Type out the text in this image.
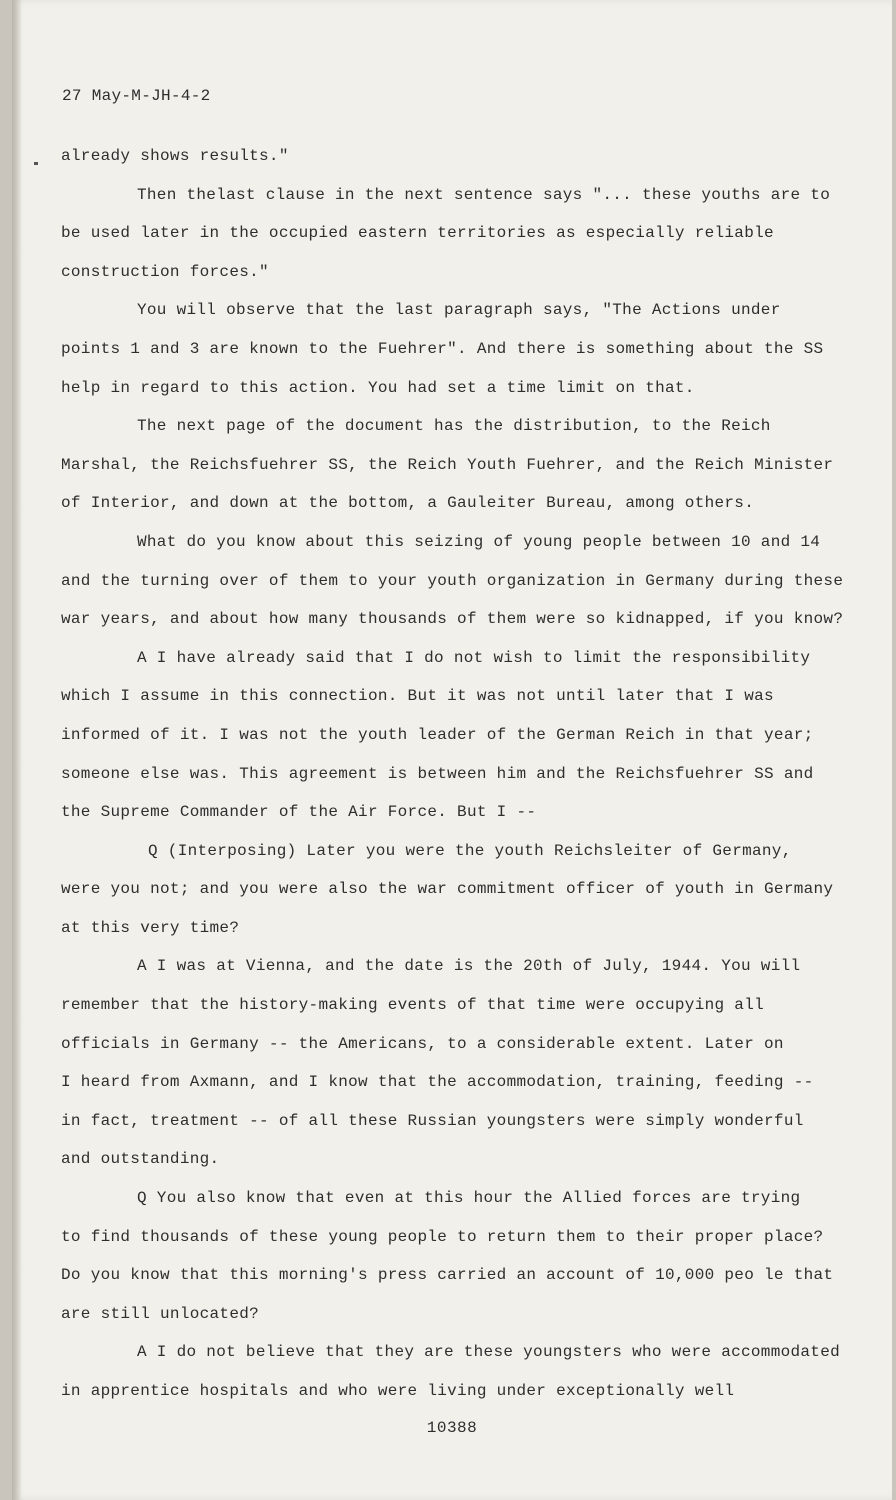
27 May-M-JH-4-2
already shows results."
Then thelast clause in the next sentence says "... these youths are to
be used later in the occupied eastern territories as especially reliable
construction forces."
You will observe that the last paragraph says, "The Actions under
points 1 and 3 are known to the Fuehrer". And there is something about the SS
help in regard to this action. You had set a time limit on that.
The next page of the document has the distribution, to the Reich
Marshal, the Reichsfuehrer SS, the Reich Youth Fuehrer, and the Reich Minister
of Interior, and down at the bottom, a Gauleiter Bureau, among others.
What do you know about this seizing of young people between 10 and 14
and the turning over of them to your youth organization in Germany during these
war years, and about how many thousands of them were so kidnapped, if you know?
A I have already said that I do not wish to limit the responsibility
which I assume in this connection. But it was not until later that I was
informed of it. I was not the youth leader of the German Reich in that year;
someone else was. This agreement is between him and the Reichsfuehrer SS and
the Supreme Commander of the Air Force. But I --
Q (Interposing) Later you were the youth Reichsleiter of Germany,
were you not; and you were also the war commitment officer of youth in Germany
at this very time?
A I was at Vienna, and the date is the 20th of July, 1944. You will
remember that the history-making events of that time were occupying all
officials in Germany -- the Americans, to a considerable extent. Later on
I heard from Axmann, and I know that the accommodation, training, feeding --
in fact, treatment -- of all these Russian youngsters were simply wonderful
and outstanding.
Q You also know that even at this hour the Allied forces are trying
to find thousands of these young people to return them to their proper place?
Do you know that this morning's press carried an account of 10,000 peo le that
are still unlocated?
A I do not believe that they are these youngsters who were accommodated
in apprentice hospitals and who were living under exceptionally well
10388
